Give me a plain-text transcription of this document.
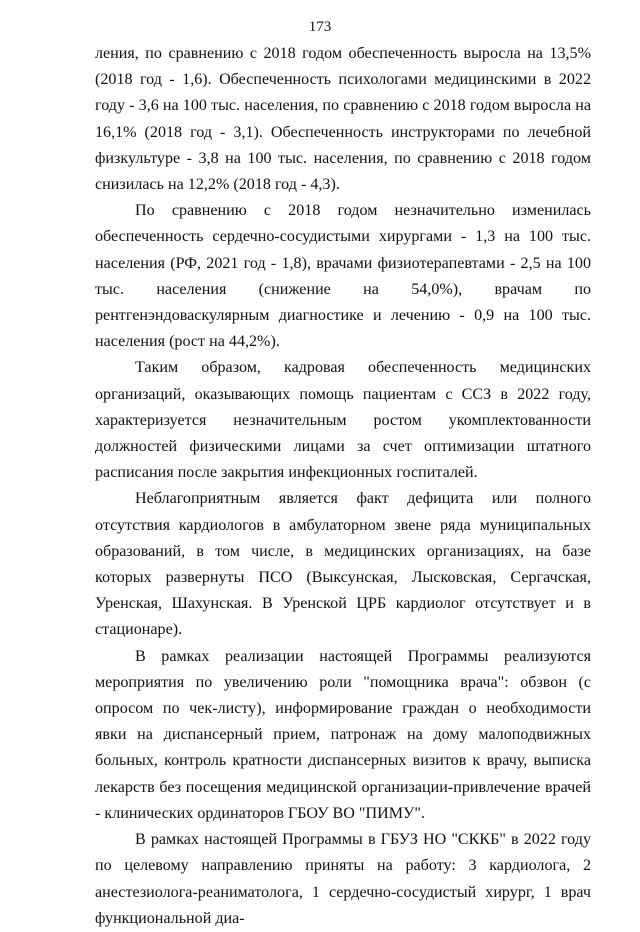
173

ления, по сравнению с 2018 годом обеспеченность выросла на 13,5% (2018 год - 1,6). Обеспеченность психологами медицинскими в 2022 году - 3,6 на 100 тыс. населения, по сравнению с 2018 годом выросла на 16,1% (2018 год - 3,1). Обеспеченность инструкторами по лечебной физкультуре - 3,8 на 100 тыс. населения, по сравнению с 2018 годом снизилась на 12,2% (2018 год - 4,3).

По сравнению с 2018 годом незначительно изменилась обеспеченность сердечно-сосудистыми хирургами - 1,3 на 100 тыс. населения (РФ, 2021 год - 1,8), врачами физиотерапевтами - 2,5 на 100 тыс. населения (снижение на 54,0%), врачам по рентгенэндоваскулярным диагностике и лечению - 0,9 на 100 тыс. населения (рост на 44,2%).

Таким образом, кадровая обеспеченность медицинских организаций, оказывающих помощь пациентам с ССЗ в 2022 году, характеризуется незначительным ростом укомплектованности должностей физическими лицами за счет оптимизации штатного расписания после закрытия инфекционных госпиталей.

Неблагоприятным является факт дефицита или полного отсутствия кардиологов в амбулаторном звене ряда муниципальных образований, в том числе, в медицинских организациях, на базе которых развернуты ПСО (Выксунская, Лысковская, Сергачская, Уренская, Шахунская. В Уренской ЦРБ кардиолог отсутствует и в стационаре).

В рамках реализации настоящей Программы реализуются мероприятия по увеличению роли "помощника врача": обзвон (с опросом по чек-листу), информирование граждан о необходимости явки на диспансерный прием, патронаж на дому малоподвижных больных, контроль кратности диспансерных визитов к врачу, выписка лекарств без посещения медицинской организации-привлечение врачей - клинических ординаторов ГБОУ ВО "ПИМУ".

В рамках настоящей Программы в ГБУЗ НО "СККБ" в 2022 году по целевому направлению приняты на работу: 3 кардиолога, 2 анестезиолога-реаниматолога, 1 сердечно-сосудистый хирург, 1 врач функциональной диа-
